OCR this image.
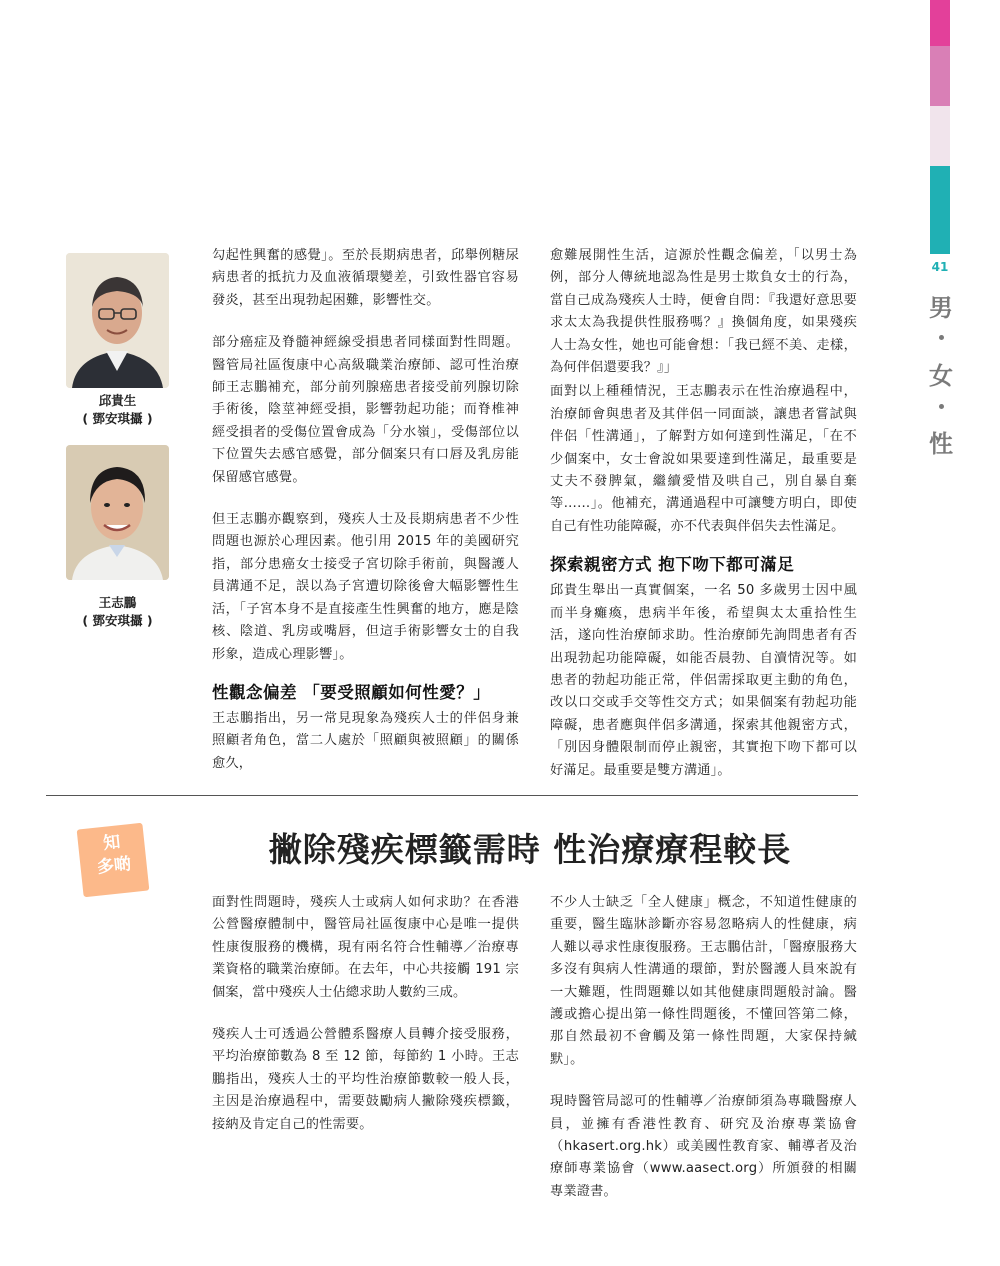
41
男
女
性
邱貴生
( 鄧安琪攝 )
王志鵬
( 鄧安琪攝 )

勾起性興奮的感覺」。至於長期病患者，邱舉例糖尿病患者的抵抗力及血液循環變差，引致性器官容易發炎，甚至出現勃起困難，影響性交。

部分癌症及脊髓神經線受損患者同樣面對性問題。醫管局社區復康中心高級職業治療師、認可性治療師王志鵬補充，部分前列腺癌患者接受前列腺切除手術後，陰莖神經受損，影響勃起功能；而脊椎神經受損者的受傷位置會成為「分水嶺」，受傷部位以下位置失去感官感覺，部分個案只有口唇及乳房能保留感官感覺。

但王志鵬亦觀察到，殘疾人士及長期病患者不少性問題也源於心理因素。他引用 2015 年的美國研究指，部分患癌女士接受子宮切除手術前，與醫護人員溝通不足，誤以為子宮遭切除後會大幅影響性生活，「子宮本身不是直接產生性興奮的地方，應是陰核、陰道、乳房或嘴唇，但這手術影響女士的自我形象，造成心理影響」。

性觀念偏差 「要受照顧如何性愛？」

王志鵬指出，另一常見現象為殘疾人士的伴侶身兼照顧者角色，當二人處於「照顧與被照顧」的關係愈久，

愈難展開性生活，這源於性觀念偏差，「以男士為例，部分人傳統地認為性是男士欺負女士的行為，當自己成為殘疾人士時，便會自問：『我還好意思要求太太為我提供性服務嗎？』換個角度，如果殘疾人士為女性，她也可能會想：「我已經不美、走樣，為何伴侶還要我？』」

面對以上種種情況，王志鵬表示在性治療過程中，治療師會與患者及其伴侶一同面談，讓患者嘗試與伴侶「性溝通」，了解對方如何達到性滿足，「在不少個案中，女士會說如果要達到性滿足，最重要是丈夫不發脾氣，繼續愛惜及哄自己，別自暴自棄等……」。他補充，溝通過程中可讓雙方明白，即使自己有性功能障礙，亦不代表與伴侶失去性滿足。

探索親密方式 抱下吻下都可滿足

邱貴生舉出一真實個案，一名 50 多歲男士因中風而半身癱瘓，患病半年後，希望與太太重拾性生活，遂向性治療師求助。性治療師先詢問患者有否出現勃起功能障礙，如能否晨勃、自瀆情況等。如患者的勃起功能正常，伴侶需採取更主動的角色，改以口交或手交等性交方式；如果個案有勃起功能障礙，患者應與伴侶多溝通，探索其他親密方式，「別因身體限制而停止親密，其實抱下吻下都可以好滿足。最重要是雙方溝通」。

知
多啲	撇除殘疾標籤需時 性治療療程較長

面對性問題時，殘疾人士或病人如何求助？在香港公營醫療體制中，醫管局社區復康中心是唯一提供性康復服務的機構，現有兩名符合性輔導／治療專業資格的職業治療師。在去年，中心共接觸 191 宗個案，當中殘疾人士佔總求助人數約三成。

殘疾人士可透過公營體系醫療人員轉介接受服務，平均治療節數為 8 至 12 節，每節約 1 小時。王志鵬指出，殘疾人士的平均性治療節數較一般人長，主因是治療過程中，需要鼓勵病人撇除殘疾標籤，接納及肯定自己的性需要。

不少人士缺乏「全人健康」概念，不知道性健康的重要，醫生臨牀診斷亦容易忽略病人的性健康，病人難以尋求性康復服務。王志鵬估計，「醫療服務大多沒有與病人性溝通的環節，對於醫護人員來說有一大難題，性問題難以如其他健康問題般討論。醫護或擔心提出第一條性問題後，不懂回答第二條，那自然最初不會觸及第一條性問題，大家保持緘默」。

現時醫管局認可的性輔導／治療師須為專職醫療人員，並擁有香港性教育、研究及治療專業協會（hkasert.org.hk）或美國性教育家、輔導者及治療師專業協會（www.aasect.org）所頒發的相關專業證書。
